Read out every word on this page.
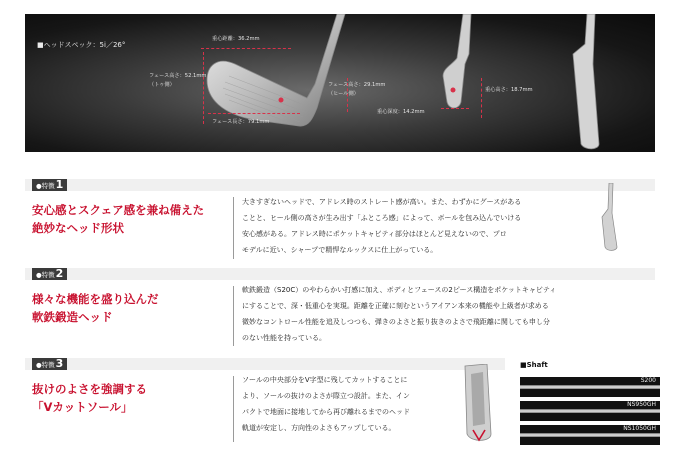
■ヘッドスペック：5i／26°
重心距離：36.2mm
フェース高さ：52.1mm
（トゥ側）	フェース高さ：29.1mm
（ヒール側）
フェース長さ：79.1mm
重心深度：14.2mm
重心高さ：18.7mm
●特徴1
安心感とスクェア感を兼ね備えた
絶妙なヘッド形状
大きすぎないヘッドで、アドレス時のストレート感が高い。また、わずかにグースがある
ことと、ヒール側の高さが生み出す「ふところ感」によって、ボールを包み込んでいける
安心感がある。アドレス時にポケットキャビティ部分はほとんど見えないので、プロ
モデルに近い、シャープで精悍なルックスに仕上がっている。
●特徴2
様々な機能を盛り込んだ
軟鉄鍛造ヘッド
軟鉄鍛造（S20C）のやわらかい打感に加え、ボディとフェースの2ピース構造をポケットキャビティ
にすることで、深・低重心を実現。距離を正確に刻むというアイアン本来の機能や上級者が求める
微妙なコントロール性能を追及しつつも、弾きのよさと振り抜きのよさで飛距離に関しても申し分
のない性能を持っている。
●特徴3
抜けのよさを強調する
「Vカットソール」
ソールの中央部分をV字型に残してカットすることに
より、ソールの抜けのよさが際立つ設計。また、イン
パクトで地面に接地してから再び離れるまでのヘッド
軌道が安定し、方向性のよさもアップしている。
■Shaft
S200
NS950GH
NS1050GH
